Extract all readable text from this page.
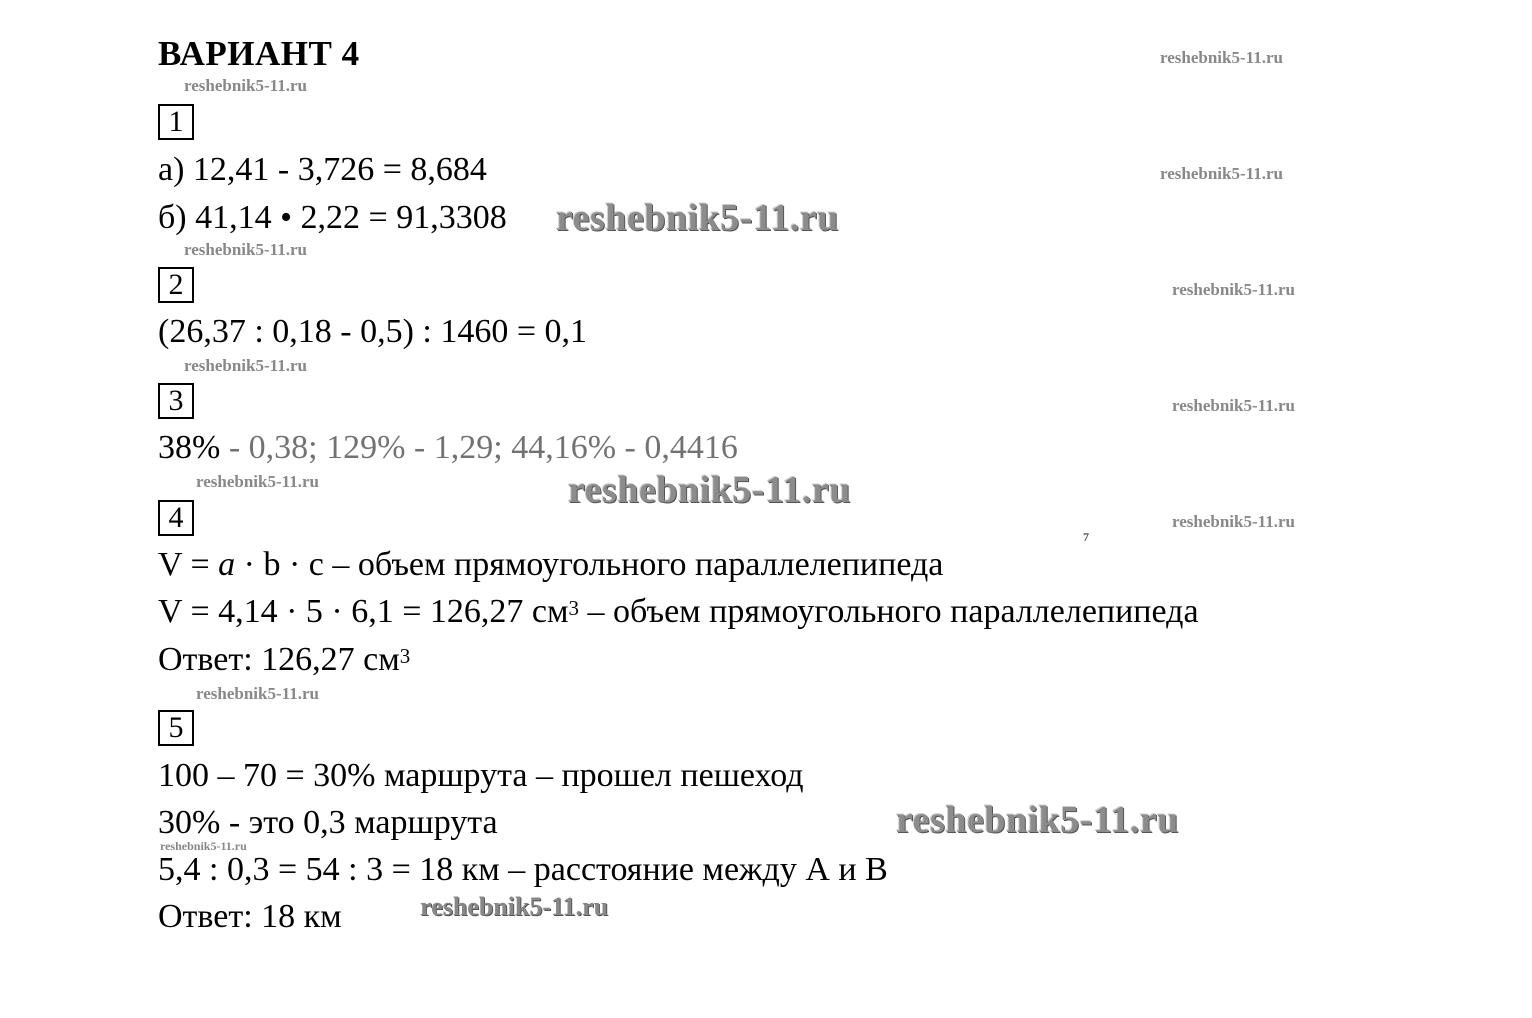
ВАРИАНТ 4
1
а) 12,41 - 3,726 = 8,684
б) 41,14 • 2,22 = 91,3308
2
(26,37 : 0,18 - 0,5) : 1460 = 0,1
3
38% - 0,38; 129% - 1,29; 44,16% - 0,4416
4
V = a · b · c – объем прямоугольного параллелепипеда
7
V = 4,14 · 5 · 6,1 = 126,27 $см^3$ – объем прямоугольного параллелепипеда
Ответ: 126,27 $см^3$
5
100 – 70 = 30% маршрута – прошел пешеход
30% - это 0,3 маршрута
5,4 : 0,3 = 54 : 3 = 18 км – расстояние между А и В
Ответ: 18 км
reshebnik5-11.ru
reshebnik5-11.ru
reshebnik5-11.ru
reshebnik5-11.ru
reshebnik5-11.ru
reshebnik5-11.ru
reshebnik5-11.ru
reshebnik5-11.ru
reshebnik5-11.ru	reshebnik5-11.ru
reshebnik5-11.ru
reshebnik5-11.ru
reshebnik5-11.ru
reshebnik5-11.ru
reshebnik5-11.ru
